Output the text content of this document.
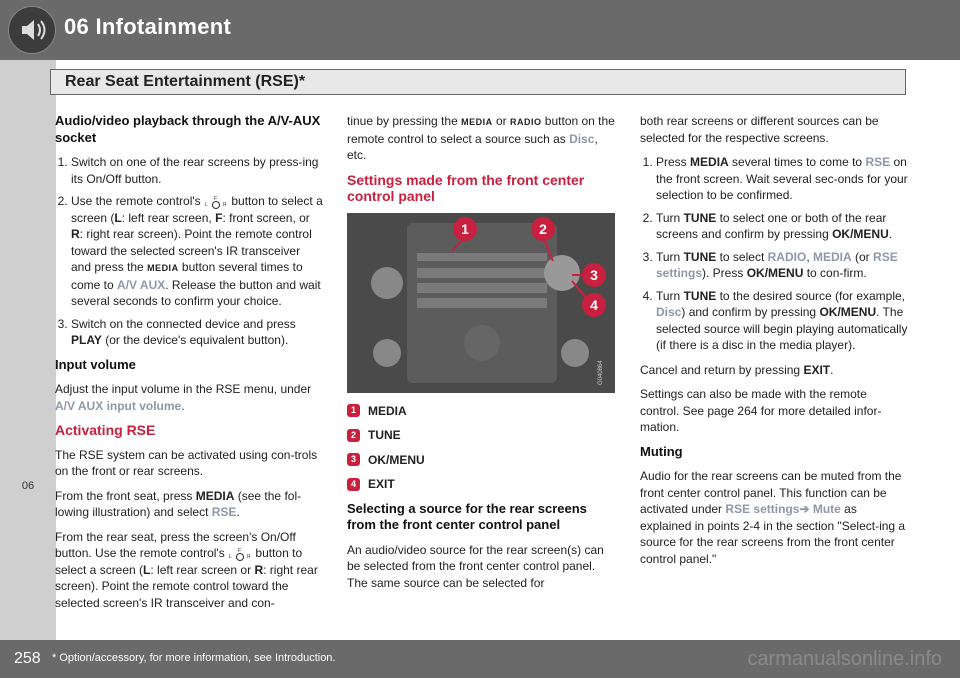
06 Infotainment
06
Rear Seat Entertainment (RSE)*

Audio/video playback through the A/V-AUX socket

1. Switch on one of the rear screens by press-ing its On/Off button.
2. Use the remote control's	F
L	R button to select a screen (L: left rear screen, F: front screen, or R: right rear screen). Point the remote control toward the selected screen's IR transceiver and press the MEDIA button several times to come to A/V AUX. Release the button and wait several seconds to confirm your choice.
3. Switch on the connected device and press PLAY (or the device's equivalent button).

Input volume

Adjust the input volume in the RSE menu, under A/V AUX input volume.

Activating RSE

The RSE system can be activated using con-trols on the front or rear screens.

From the front seat, press MEDIA (see the fol-lowing illustration) and select RSE.

From the rear seat, press the screen's On/Off button. Use the remote control's	F
L	R button to select a screen (L: left rear screen or R: right rear screen). Point the remote control toward the selected screen's IR transceiver and con-

tinue by pressing the MEDIA or RADIO button on the remote control to select a source such as Disc, etc.

Settings made from the front center control panel

G040864
1	2
3
4
1	MEDIA
2	TUNE
3	OK/MENU
4	EXIT

Selecting a source for the rear screens from the front center control panel

An audio/video source for the rear screen(s) can be selected from the front center control panel. The same source can be selected for

both rear screens or different sources can be selected for the respective screens.

1. Press MEDIA several times to come to RSE on the front screen. Wait several sec-onds for your selection to be confirmed.
2. Turn TUNE to select one or both of the rear screens and confirm by pressing OK/MENU.
3. Turn TUNE to select RADIO, MEDIA (or RSE settings). Press OK/MENU to con-firm.
4. Turn TUNE to the desired source (for example, Disc) and confirm by pressing OK/MENU. The selected source will begin playing automatically (if there is a disc in the media player).

Cancel and return by pressing EXIT.

Settings can also be made with the remote control. See page 264 for more detailed infor-mation.

Muting

Audio for the rear screens can be muted from the front center control panel. This function can be activated under RSE settings➔ Mute as explained in points 2-4 in the section "Select-ing a source for the rear screens from the front center control panel."

258 * Option/accessory, for more information, see Introduction.	carmanualsonline.info
